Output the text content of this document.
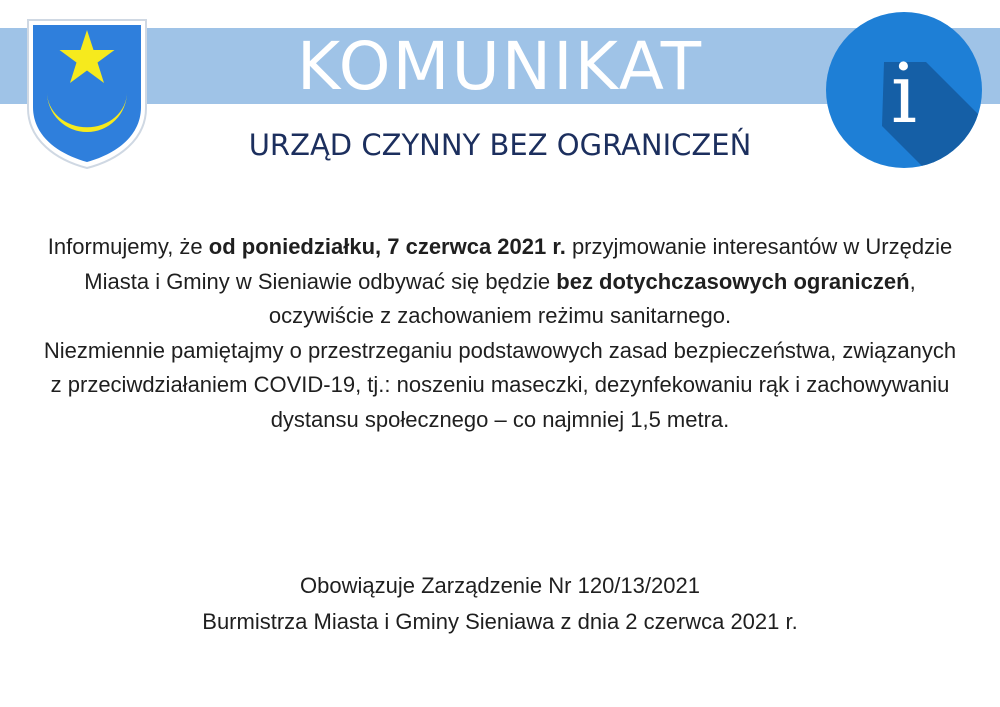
KOMUNIKAT
URZĄD CZYNNY BEZ OGRANICZEŃ
i

Informujemy, że od poniedziałku, 7 czerwca 2021 r. przyjmowanie interesantów w Urzędzie Miasta i Gminy w Sieniawie odbywać się będzie bez dotychczasowych ograniczeń, oczywiście z zachowaniem reżimu sanitarnego.

Niezmiennie pamiętajmy o przestrzeganiu podstawowych zasad bezpieczeństwa, związanych z przeciwdziałaniem COVID-19, tj.: noszeniu maseczki, dezynfekowaniu rąk i zachowywaniu dystansu społecznego – co najmniej 1,5 metra.

Obowiązuje Zarządzenie Nr 120/13/2021

Burmistrza Miasta i Gminy Sieniawa z dnia 2 czerwca 2021 r.
